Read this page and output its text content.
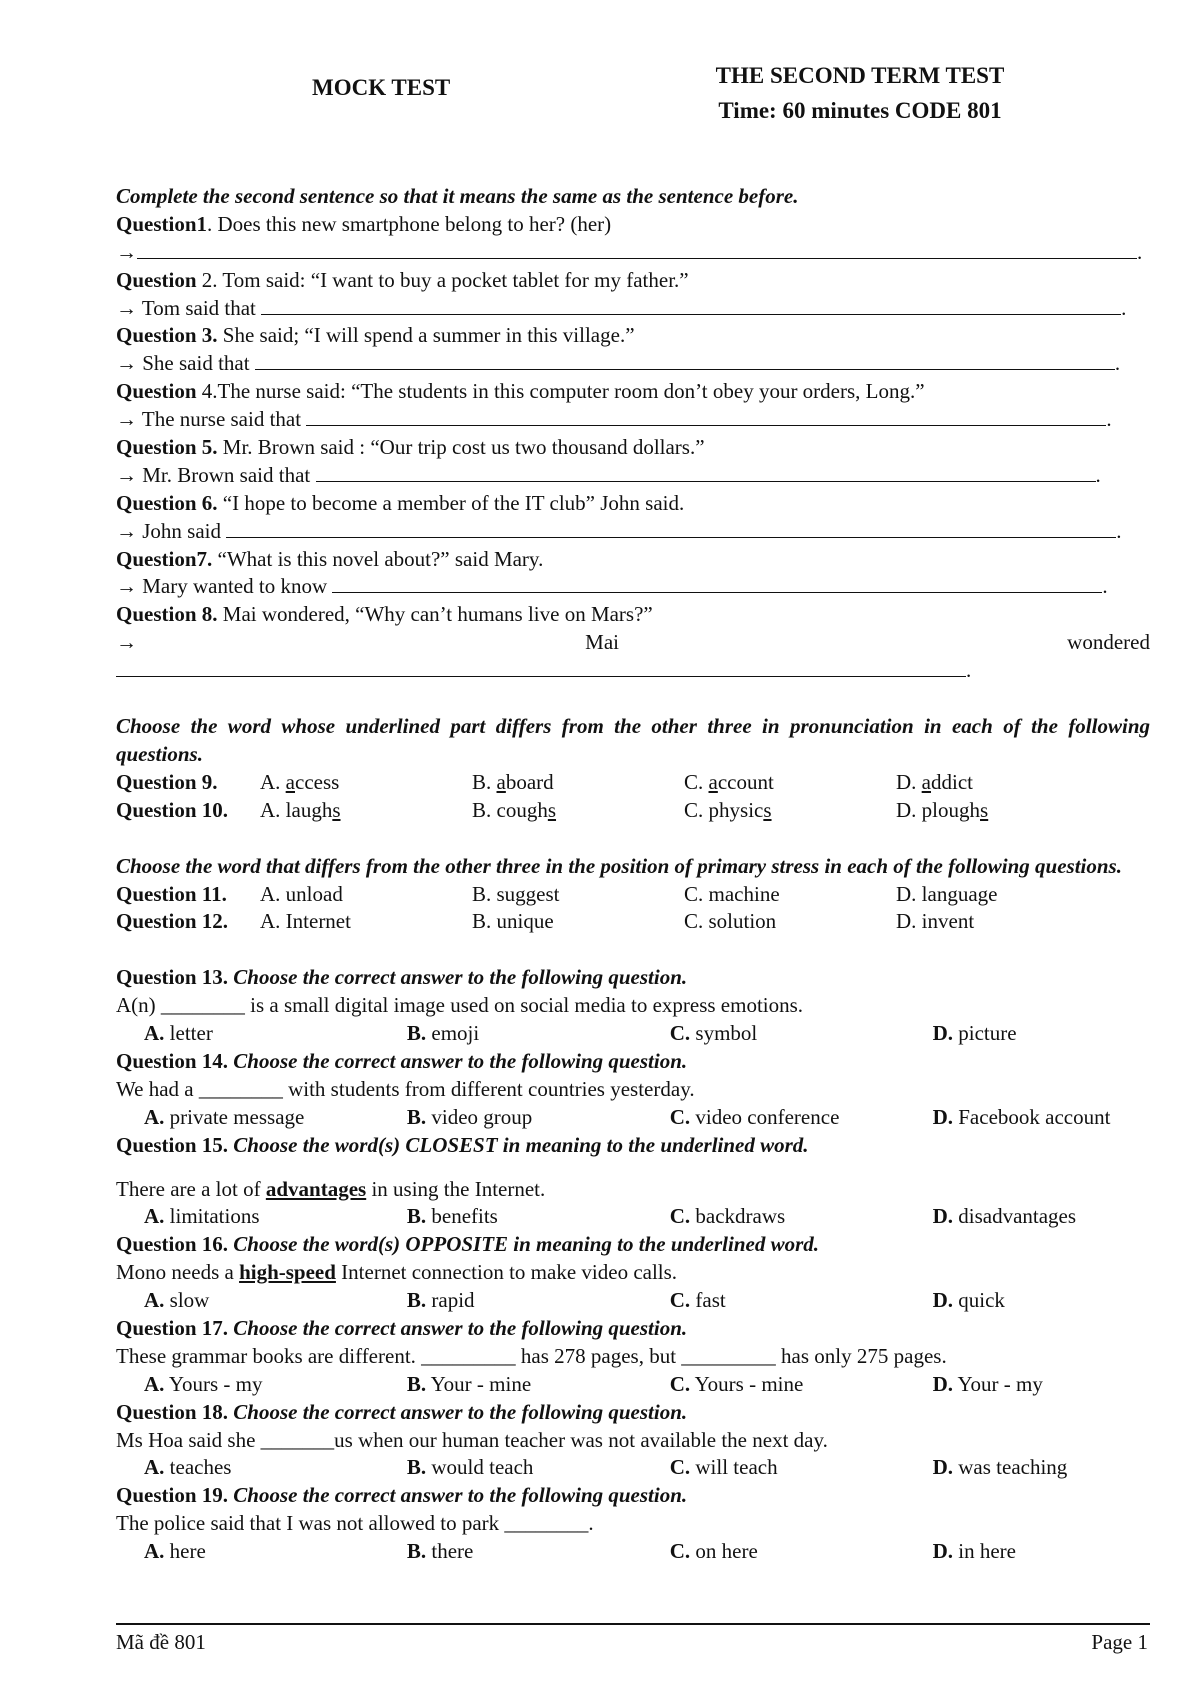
MOCK TEST	THE SECOND TERM TEST
Time: 60 minutes CODE 801
Complete the second sentence so that it means the same as the sentence before.
Question1. Does this new smartphone belong to her? (her)
→	.
Question 2. Tom said: “I want to buy a pocket tablet for my father.”
→ Tom said that	.
Question 3. She said; “I will spend a summer in this village.”
→ She said that	.
Question 4.The nurse said: “The students in this computer room don’t obey your orders, Long.”
→ The nurse said that	.
Question 5. Mr. Brown said : “Our trip cost us two thousand dollars.”
→ Mr. Brown said that	.
Question 6. “I hope to become a member of the IT club” John said.
→ John said	.
Question7. “What is this novel about?” said Mary.
→ Mary wanted to know	.
Question 8. Mai wondered, “Why can’t humans live on Mars?”
→	Mai	wondered
.
Choose the word whose underlined part differs from the other three in pronunciation in each of the following questions.
Question 9.	A. access	B. aboard	C. account	D. addict
Question 10.	A. laughs	B. coughs	C. physics	D. ploughs
Choose the word that differs from the other three in the position of primary stress in each of the following questions.
Question 11.	A. unload	B. suggest	C. machine	D. language
Question 12.	A. Internet	B. unique	C. solution	D. invent
Question 13. Choose the correct answer to the following question.
A(n) ________ is a small digital image used on social media to express emotions.
A. letter	B. emoji	C. symbol	D. picture
Question 14. Choose the correct answer to the following question.
We had a ________ with students from different countries yesterday.
A. private message	B. video group	C. video conference	D. Facebook account
Question 15. Choose the word(s) CLOSEST in meaning to the underlined word.
There are a lot of advantages in using the Internet.
A. limitations	B. benefits	C. backdraws	D. disadvantages
Question 16. Choose the word(s) OPPOSITE in meaning to the underlined word.
Mono needs a high-speed Internet connection to make video calls.
A. slow	B. rapid	C. fast	D. quick
Question 17. Choose the correct answer to the following question.
These grammar books are different. _________ has 278 pages, but _________ has only 275 pages.
A. Yours - my	B. Your - mine	C. Yours - mine	D. Your - my
Question 18. Choose the correct answer to the following question.
Ms Hoa said she _______us when our human teacher was not available the next day.
A. teaches	B. would teach	C. will teach	D. was teaching
Question 19. Choose the correct answer to the following question.
The police said that I was not allowed to park ________.
A. here	B. there	C. on here	D. in here
Mã đề 801	Page 1
